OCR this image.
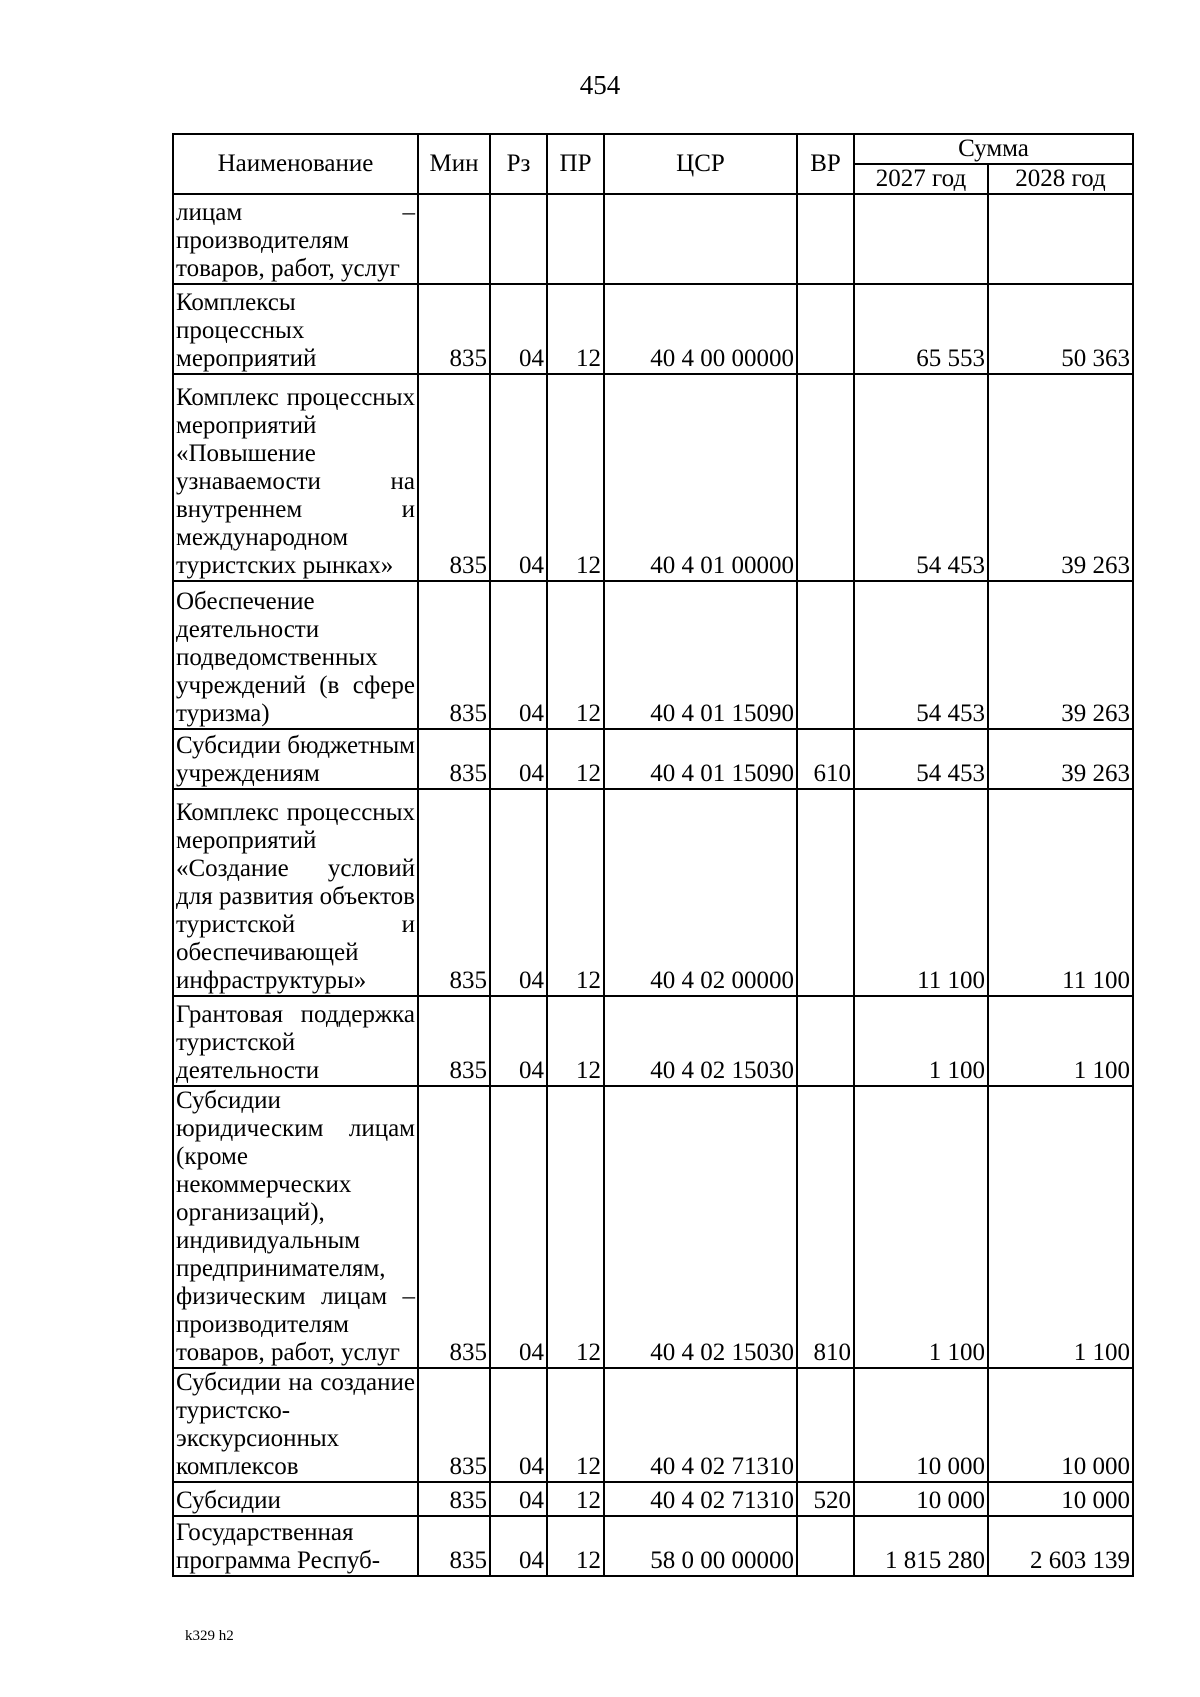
454
Наименование	Мин	Рз	ПР	ЦСР	ВР	Сумма	
						2027 год	2028 год
лицам – производителям товаров, работ, услуг							
Комплексы процессных мероприятий	835	04	12	40 4 00 00000		65 553	50 363
Комплекс процессных мероприятий «Повышение узнаваемости на внутреннем и международном туристских рынках»	835	04	12	40 4 01 00000		54 453	39 263
Обеспечение деятельности подведомственных учреждений (в сфере туризма)	835	04	12	40 4 01 15090		54 453	39 263
Субсидии бюджетным учреждениям	835	04	12	40 4 01 15090	610	54 453	39 263
Комплекс процессных мероприятий «Создание условий для развития объектов туристской и обеспечивающей инфраструктуры»	835	04	12	40 4 02 00000		11 100	11 100
Грантовая поддержка туристской деятельности	835	04	12	40 4 02 15030		1 100	1 100
Субсидии юридическим лицам (кроме некоммерческих организаций), индивидуальным предпринимателям, физическим лицам – производителям товаров, работ, услуг	835	04	12	40 4 02 15030	810	1 100	1 100
Субсидии на создание туристско-экскурсионных комплексов	835	04	12	40 4 02 71310		10 000	10 000
Субсидии	835	04	12	40 4 02 71310	520	10 000	10 000
Государственная программа Респуб-	835	04	12	58 0 00 00000		1 815 280	2 603 139
k329 h2
